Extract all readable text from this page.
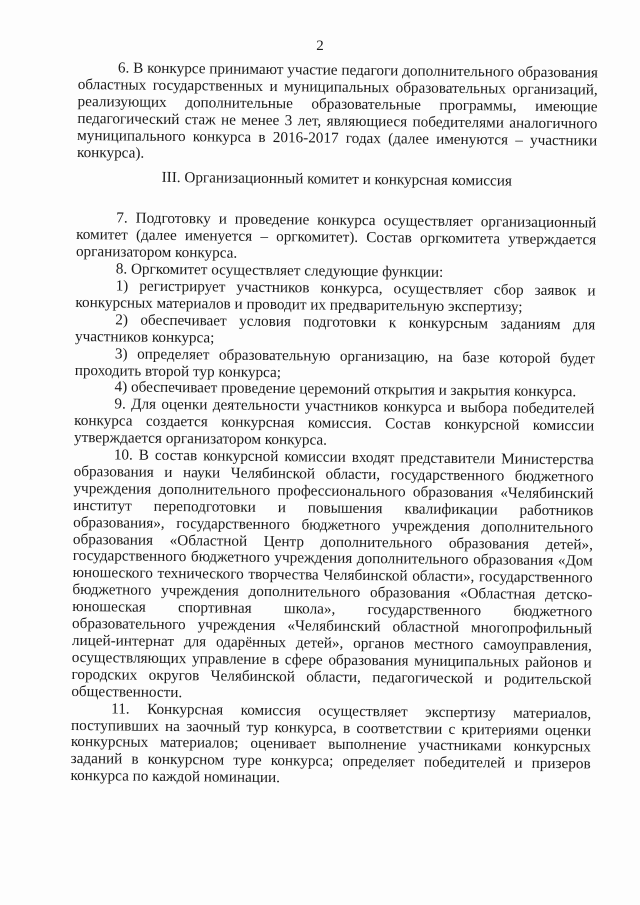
2

6. В конкурсе принимают участие педагоги дополнительного образования областных государственных и муниципальных образовательных организаций, реализующих дополнительные образовательные программы, имеющие педагогический стаж не менее 3 лет, являющиеся победителями аналогичного муниципального конкурса в 2016-2017 годах (далее именуются – участники конкурса).

III. Организационный комитет и конкурсная комиссия

7. Подготовку и проведение конкурса осуществляет организационный комитет (далее именуется – оргкомитет). Состав оргкомитета утверждается организатором конкурса.

8. Оргкомитет осуществляет следующие функции:

1) регистрирует участников конкурса, осуществляет сбор заявок и конкурсных материалов и проводит их предварительную экспертизу;

2) обеспечивает условия подготовки к конкурсным заданиям для участников конкурса;

3) определяет образовательную организацию, на базе которой будет проходить второй тур конкурса;

4) обеспечивает проведение церемоний открытия и закрытия конкурса.

9. Для оценки деятельности участников конкурса и выбора победителей конкурса создается конкурсная комиссия. Состав конкурсной комиссии утверждается организатором конкурса.

10. В состав конкурсной комиссии входят представители Министерства образования и науки Челябинской области, государственного бюджетного учреждения дополнительного профессионального образования «Челябинский институт переподготовки и повышения квалификации работников образования», государственного бюджетного учреждения дополнительного образования «Областной Центр дополнительного образования детей», государственного бюджетного учреждения дополнительного образования «Дом юношеского технического творчества Челябинской области», государственного бюджетного учреждения дополнительного образования «Областная детско-юношеская спортивная школа», государственного бюджетного образовательного учреждения «Челябинский областной многопрофильный лицей-интернат для одарённых детей», органов местного самоуправления, осуществляющих управление в сфере образования муниципальных районов и городских округов Челябинской области, педагогической и родительской общественности.

11. Конкурсная комиссия осуществляет экспертизу материалов, поступивших на заочный тур конкурса, в соответствии с критериями оценки конкурсных материалов; оценивает выполнение участниками конкурсных заданий в конкурсном туре конкурса; определяет победителей и призеров конкурса по каждой номинации.
